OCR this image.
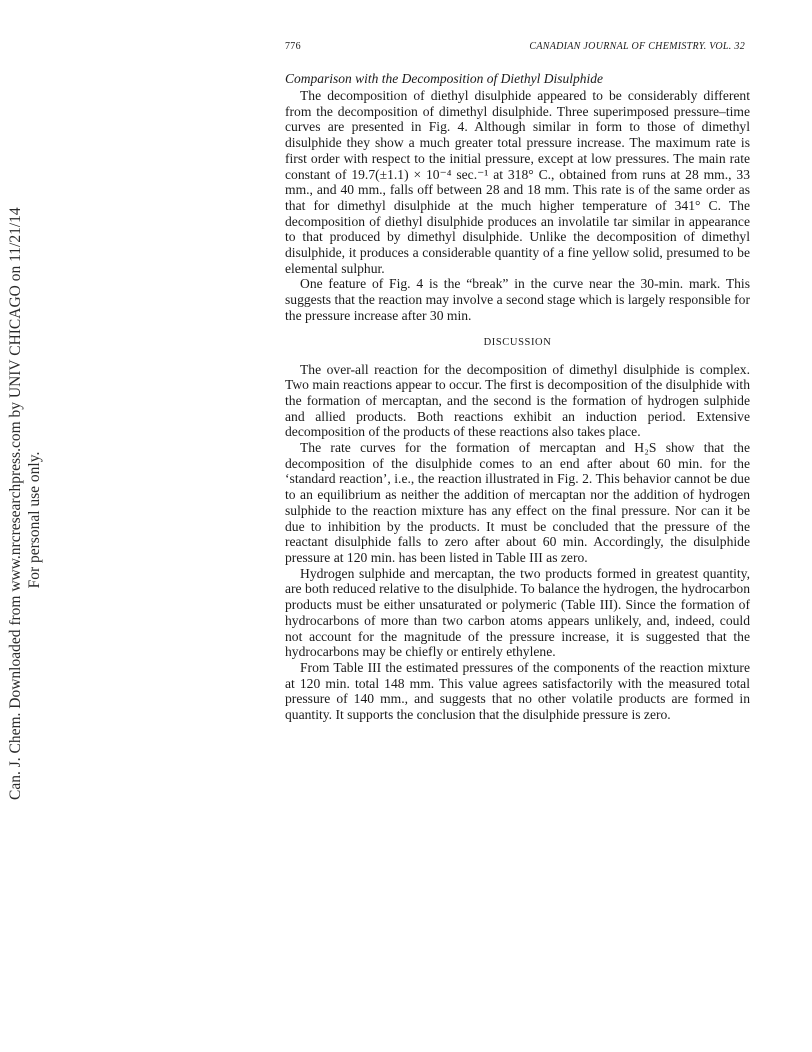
Can. J. Chem. Downloaded from www.nrcresearchpress.com by UNIV CHICAGO on 11/21/14 For personal use only.
776	CANADIAN JOURNAL OF CHEMISTRY. VOL. 32
Comparison with the Decomposition of Diethyl Disulphide

The decomposition of diethyl disulphide appeared to be considerably different from the decomposition of dimethyl disulphide. Three superimposed pressure–time curves are presented in Fig. 4. Although similar in form to those of dimethyl disulphide they show a much greater total pressure increase. The maximum rate is first order with respect to the initial pressure, except at low pressures. The main rate constant of 19.7(±1.1) × 10⁻⁴ sec.⁻¹ at 318° C., obtained from runs at 28 mm., 33 mm., and 40 mm., falls off between 28 and 18 mm. This rate is of the same order as that for dimethyl disulphide at the much higher temperature of 341° C. The decomposition of diethyl disulphide produces an involatile tar similar in appearance to that produced by dimethyl disulphide. Unlike the decomposition of dimethyl disulphide, it produces a considerable quantity of a fine yellow solid, presumed to be elemental sulphur.

One feature of Fig. 4 is the “break” in the curve near the 30-min. mark. This suggests that the reaction may involve a second stage which is largely responsible for the pressure increase after 30 min.

DISCUSSION

The over-all reaction for the decomposition of dimethyl disulphide is complex. Two main reactions appear to occur. The first is decomposition of the disulphide with the formation of mercaptan, and the second is the formation of hydrogen sulphide and allied products. Both reactions exhibit an induction period. Extensive decomposition of the products of these reactions also takes place.

The rate curves for the formation of mercaptan and H₂S show that the decomposition of the disulphide comes to an end after about 60 min. for the ‘standard reaction’, i.e., the reaction illustrated in Fig. 2. This behavior cannot be due to an equilibrium as neither the addition of mercaptan nor the addition of hydrogen sulphide to the reaction mixture has any effect on the final pressure. Nor can it be due to inhibition by the products. It must be concluded that the pressure of the reactant disulphide falls to zero after about 60 min. Accordingly, the disulphide pressure at 120 min. has been listed in Table III as zero.

Hydrogen sulphide and mercaptan, the two products formed in greatest quantity, are both reduced relative to the disulphide. To balance the hydrogen, the hydrocarbon products must be either unsaturated or polymeric (Table III). Since the formation of hydrocarbons of more than two carbon atoms appears unlikely, and, indeed, could not account for the magnitude of the pressure increase, it is suggested that the hydrocarbons may be chiefly or entirely ethylene.

From Table III the estimated pressures of the components of the reaction mixture at 120 min. total 148 mm. This value agrees satisfactorily with the measured total pressure of 140 mm., and suggests that no other volatile products are formed in quantity. It supports the conclusion that the disulphide pressure is zero.
